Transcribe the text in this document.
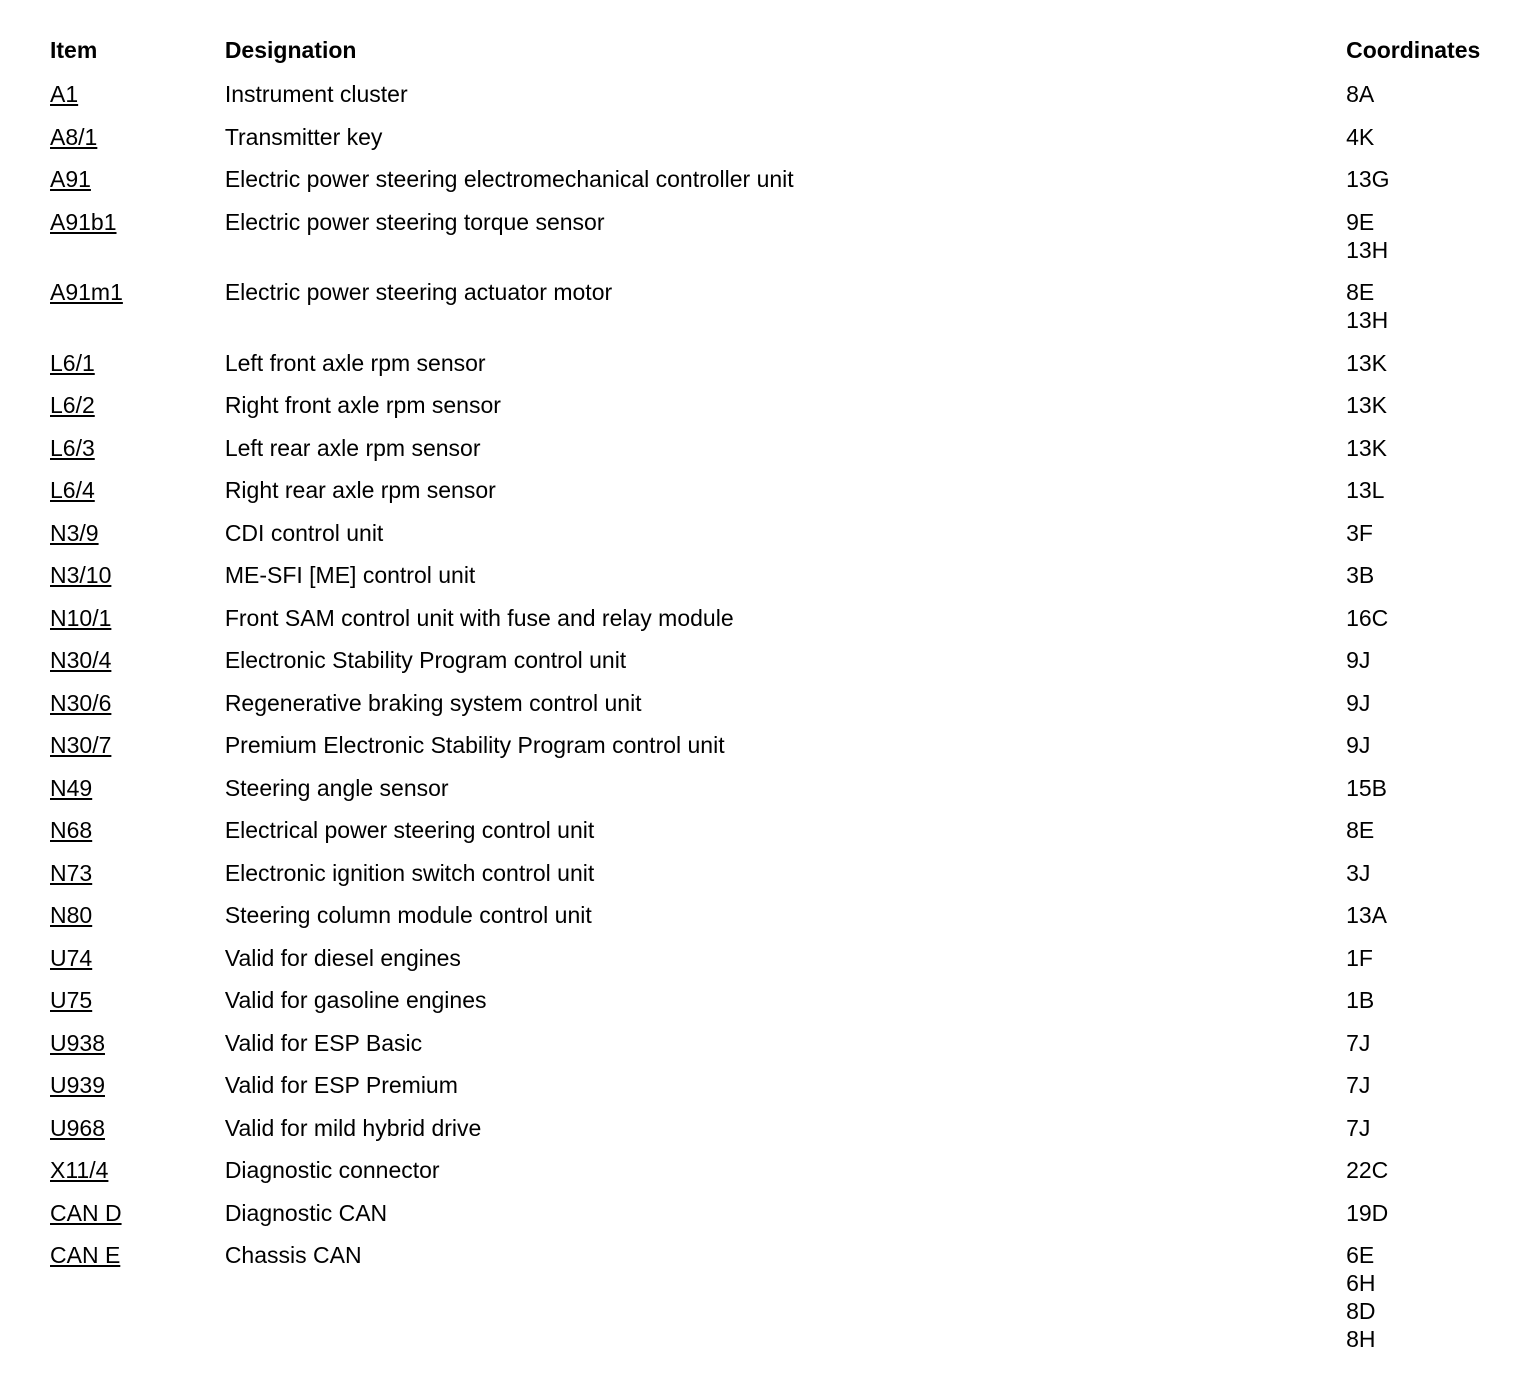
Item	Designation	Coordinates
A1	Instrument cluster	8A

A8/1	Transmitter key	4K

A91	Electric power steering electromechanical controller unit	13G

A91b1	Electric power steering torque sensor	9E
13H

A91m1	Electric power steering actuator motor	8E
13H

L6/1	Left front axle rpm sensor	13K

L6/2	Right front axle rpm sensor	13K

L6/3	Left rear axle rpm sensor	13K

L6/4	Right rear axle rpm sensor	13L

N3/9	CDI control unit	3F

N3/10	ME-SFI [ME] control unit	3B

N10/1	Front SAM control unit with fuse and relay module	16C

N30/4	Electronic Stability Program control unit	9J

N30/6	Regenerative braking system control unit	9J

N30/7	Premium Electronic Stability Program control unit	9J

N49	Steering angle sensor	15B

N68	Electrical power steering control unit	8E

N73	Electronic ignition switch control unit	3J

N80	Steering column module control unit	13A

U74	Valid for diesel engines	1F

U75	Valid for gasoline engines	1B

U938	Valid for ESP Basic	7J

U939	Valid for ESP Premium	7J

U968	Valid for mild hybrid drive	7J

X11/4	Diagnostic connector	22C

CAN D	Diagnostic CAN	19D

CAN E	Chassis CAN	6E
6H
8D
8H
